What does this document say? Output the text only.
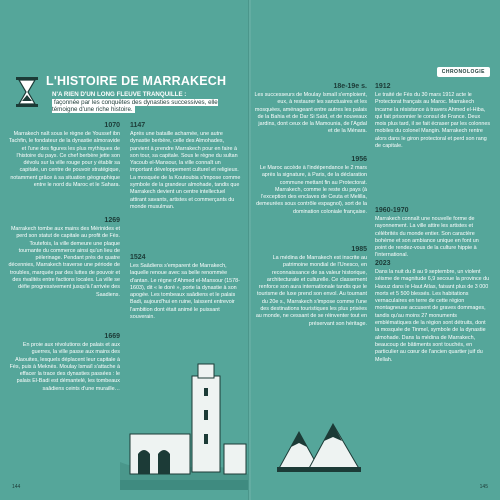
L'HISTOIRE DE MARRAKECH
N'A RIEN D'UN LONG FLEUVE TRANQUILLE :
façonnée par les conquêtes des dynasties successives, elle témoigne d'une riche histoire.
1070
Marrakech naît sous le règne de Youssef ibn Tachfin, le fondateur de la dynastie almoravide et l'une des figures les plus mythiques de l'histoire du pays. Ce chef berbère jette son dévolu sur la ville rouge pour y établir sa capitale, un centre de pouvoir stratégique, notamment grâce à sa situation géographique entre le nord du Maroc et le Sahara.
1269
Marrakech tombe aux mains des Mérinides et perd son statut de capitale au profit de Fès. Toutefois, la ville demeure une plaque tournante du commerce ainsi qu'un lieu de pèlerinage. Pendant près de quatre décennies, Marrakech traverse une période de troubles, marquée par des luttes de pouvoir et des rivalités entre factions locales. La ville se défie progressivement jusqu'à l'arrivée des Saadiens.
1669
En proie aux révolutions de palais et aux guerres, la ville passe aux mains des Alaouites, lesquels déplacent leur capitale à Fès, puis à Meknès. Moulay Ismaïl s'attache à effacer la trace des dynasties passées : le palais El-Badi est démantelé, les tombeaux saâdiens ceints d'une muraille…
1147
Après une bataille acharnée, une autre dynastie berbère, celle des Almohades, parvient à prendre Marrakech pour en faire à son tour, sa capitale. Sous le règne du sultan Yacoub el-Mansour, la ville connaît un important développement culturel et religieux. La mosquée de la Koutoubia s'impose comme symbole de la grandeur almohade, tandis que Marrakech devient un centre intellectuel attirant savants, artistes et commerçants du monde musulman.
1524
Les Saâdiens s'emparent de Marrakech, laquelle renoue avec sa belle renommée d'antan. Le règne d'Ahmed el-Mansour (1578-1603), dit « le doré », porte la dynastie à son apogée. Les tombeaux saâdiens et le palais Badi, aujourd'hui en ruine, laissent entrevoir l'ambition dont était animé le puissant souverain.
144
CHRONOLOGIE
18e-19e s.
Les successeurs de Moulay Ismaïl s'emploient, eux, à restaurer les sanctuaires et les mosquées, aménageant entre autres les palais de la Bahia et de Dar Si Saïd, et de nouveaux jardins, dont ceux de la Mamounia, de l'Agdal et de la Ménara.
1956
Le Maroc accède à l'indépendance le 2 mars après la signature, à Paris, de la déclaration commune mettant fin au Protectorat. Marrakech, comme le reste du pays (à l'exception des enclaves de Ceuta et Melilla, demeurées sous contrôle espagnol), sort de la domination coloniale française.
1985
La médina de Marrakech est inscrite au patrimoine mondial de l'Unesco, en reconnaissance de sa valeur historique, architecturale et culturelle. Ce classement renforce son aura internationale tandis que le tourisme de luxe prend son envol. Au tournant du 20e s., Marrakech s'impose comme l'une des destinations touristiques les plus prisées au monde, ne cessant de se réinventer tout en préservant son héritage.
1912
Le traité de Fès du 30 mars 1912 acte le Protectorat français au Maroc. Marrakech incarne la résistance à travers Ahmed el-Hiba, qui fait prisonnier le consul de France. Deux mois plus tard, il se fait écraser par les colonnes mobiles du colonel Mangin. Marrakech rentre alors dans le giron protectoral et perd son rang de capitale.
1960-1970
Marrakech connaît une nouvelle forme de rayonnement. La ville attire les artistes et célébrités du monde entier. Son caractère bohème et son ambiance unique en font un point de rendez-vous de la culture hippie à l'international.
2023
Dans la nuit du 8 au 9 septembre, un violent séisme de magnitude 6,9 secoue la province du Haouz dans le Haut Atlas, faisant plus de 3 000 morts et 5 500 blessés. Les habitations vernaculaires en terre de cette région montagneuse accusent de graves dommages, tandis qu'au moins 27 monuments emblématiques de la région sont détruits, dont la mosquée de Tinmel, symbole de la dynastie almohade. Dans la médina de Marrakech, beaucoup de bâtiments sont touchés, en particulier au cœur de l'ancien quartier juif du Mellah.
145
